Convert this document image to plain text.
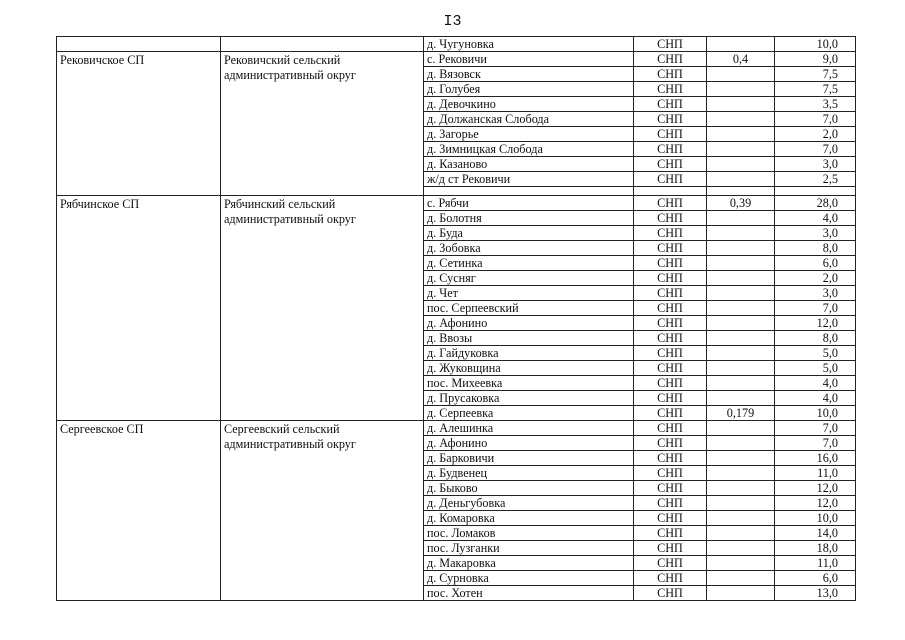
I3
		д. Чугуновка	СНП		10,0	
Рековичское СП	Рековичский сельский административный округ	с. Рековичи	СНП	0,4	9,0	
		д. Вязовск	СНП		7,5	
		д. Голубея	СНП		7,5	
		д. Девочкино	СНП		3,5	
		д. Должанская Слобода	СНП		7,0	
		д. Загорье	СНП		2,0	
		д. Зимницкая Слобода	СНП		7,0	
		д. Казаново	СНП		3,0	
		ж/д ст Рековичи	СНП		2,5	

Рябчинское СП	Рябчинский сельский административный округ	с. Рябчи	СНП	0,39	28,0	
		д. Болотня	СНП		4,0	
		д. Буда	СНП		3,0	
		д. Зобовка	СНП		8,0	
		д. Сетинка	СНП		6,0	
		д. Сусняг	СНП		2,0	
		д. Чет	СНП		3,0	
		пос. Серпеевский	СНП		7,0	
		д. Афонино	СНП		12,0	
		д. Ввозы	СНП		8,0	
		д. Гайдуковка	СНП		5,0	
		д. Жуковщина	СНП		5,0	
		пос. Михеевка	СНП		4,0	
		д. Прусаковка	СНП		4,0	
		д. Серпеевка	СНП	0,179	10,0	
Сергеевское СП	Сергеевский сельский административный округ	д. Алешинка	СНП		7,0	
		д. Афонино	СНП		7,0	
		д. Барковичи	СНП		16,0	
		д. Будвенец	СНП		11,0	
		д. Быково	СНП		12,0	
		д. Деньгубовка	СНП		12,0	
		д. Комаровка	СНП		10,0	
		пос. Ломаков	СНП		14,0	
		пос. Лузганки	СНП		18,0	
		д. Макаровка	СНП		11,0	
		д. Сурновка	СНП		6,0	
		пос. Хотен	СНП		13,0	
